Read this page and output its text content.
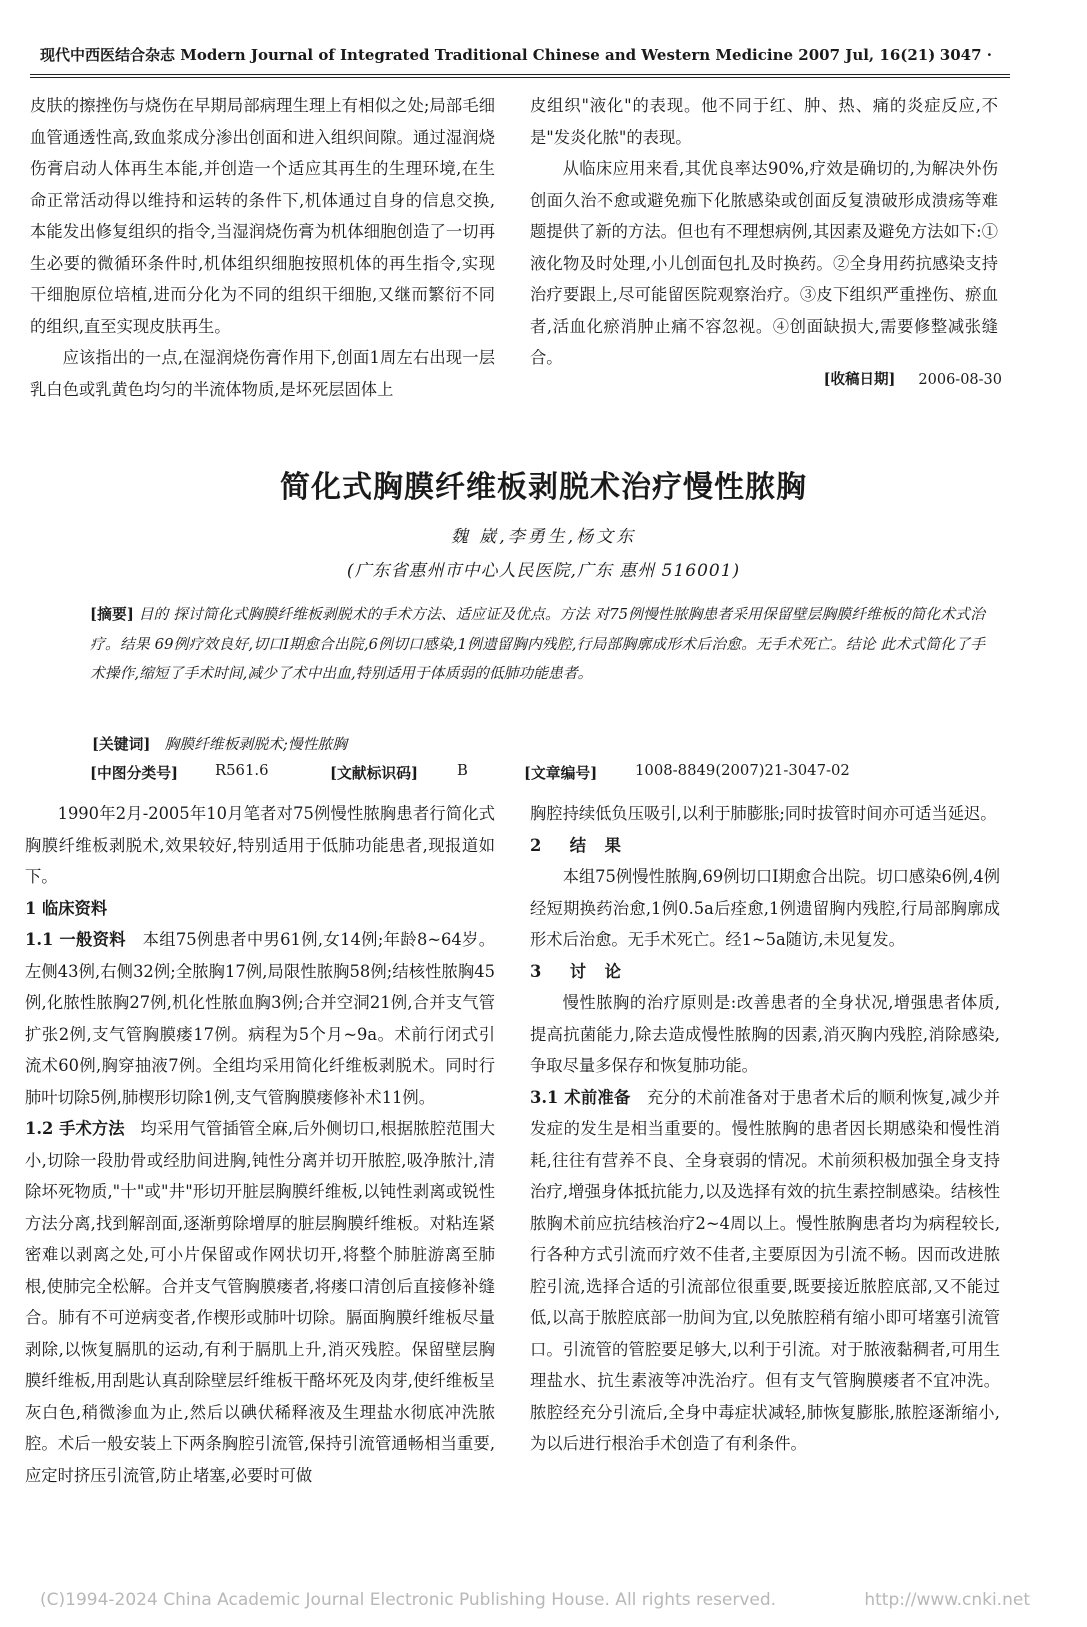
现代中西医结合杂志 Modern Journal of Integrated Traditional Chinese and Western Medicine 2007 Jul, 16(21)
· 3047 ·

皮肤的擦挫伤与烧伤在早期局部病理生理上有相似之处;局部毛细血管通透性高,致血浆成分渗出创面和进入组织间隙。通过湿润烧伤膏启动人体再生本能,并创造一个适应其再生的生理环境,在生命正常活动得以维持和运转的条件下,机体通过自身的信息交换,本能发出修复组织的指令,当湿润烧伤膏为机体细胞创造了一切再生必要的微循环条件时,机体组织细胞按照机体的再生指令,实现干细胞原位培植,进而分化为不同的组织干细胞,又继而繁衍不同的组织,直至实现皮肤再生。

应该指出的一点,在湿润烧伤膏作用下,创面1周左右出现一层乳白色或乳黄色均匀的半流体物质,是坏死层固体上

皮组织"液化"的表现。他不同于红、肿、热、痛的炎症反应,不是"发炎化脓"的表现。

从临床应用来看,其优良率达90%,疗效是确切的,为解决外伤创面久治不愈或避免痂下化脓感染或创面反复溃破形成溃疡等难题提供了新的方法。但也有不理想病例,其因素及避免方法如下:①液化物及时处理,小儿创面包扎及时换药。②全身用药抗感染支持治疗要跟上,尽可能留医院观察治疗。③皮下组织严重挫伤、瘀血者,活血化瘀消肿止痛不容忽视。④创面缺损大,需要修整减张缝合。

[收稿日期] 2006-08-30
简化式胸膜纤维板剥脱术治疗慢性脓胸
魏 崴,李勇生,杨文东
(广东省惠州市中心人民医院,广东 惠州 516001)
[摘要] 目的 探讨简化式胸膜纤维板剥脱术的手术方法、适应证及优点。方法 对75例慢性脓胸患者采用保留壁层胸膜纤维板的简化术式治疗。结果 69例疗效良好,切口Ⅰ期愈合出院,6例切口感染,1例遗留胸内残腔,行局部胸廓成形术后治愈。无手术死亡。结论 此术式简化了手术操作,缩短了手术时间,减少了术中出血,特别适用于体质弱的低肺功能患者。
[关键词] 胸膜纤维板剥脱术;慢性脓胸
[中图分类号]	R561.6	[文献标识码]	B	[文章编号]	1008-8849(2007)21-3047-02

1990年2月-2005年10月笔者对75例慢性脓胸患者行简化式胸膜纤维板剥脱术,效果较好,特别适用于低肺功能患者,现报道如下。

1 临床资料

1.1 一般资料 本组75例患者中男61例,女14例;年龄8~64岁。左侧43例,右侧32例;全脓胸17例,局限性脓胸58例;结核性脓胸45例,化脓性脓胸27例,机化性脓血胸3例;合并空洞21例,合并支气管扩张2例,支气管胸膜瘘17例。病程为5个月~9a。术前行闭式引流术60例,胸穿抽液7例。全组均采用简化纤维板剥脱术。同时行肺叶切除5例,肺楔形切除1例,支气管胸膜瘘修补术11例。

1.2 手术方法 均采用气管插管全麻,后外侧切口,根据脓腔范围大小,切除一段肋骨或经肋间进胸,钝性分离并切开脓腔,吸净脓汁,清除坏死物质,"十"或"井"形切开脏层胸膜纤维板,以钝性剥离或锐性方法分离,找到解剖面,逐渐剪除增厚的脏层胸膜纤维板。对粘连紧密难以剥离之处,可小片保留或作网状切开,将整个肺脏游离至肺根,使肺完全松解。合并支气管胸膜瘘者,将瘘口清创后直接修补缝合。肺有不可逆病变者,作楔形或肺叶切除。膈面胸膜纤维板尽量剥除,以恢复膈肌的运动,有利于膈肌上升,消灭残腔。保留壁层胸膜纤维板,用刮匙认真刮除壁层纤维板干酪坏死及肉芽,使纤维板呈灰白色,稍微渗血为止,然后以碘伏稀释液及生理盐水彻底冲洗脓腔。术后一般安装上下两条胸腔引流管,保持引流管通畅相当重要,应定时挤压引流管,防止堵塞,必要时可做

胸腔持续低负压吸引,以利于肺膨胀;同时拔管时间亦可适当延迟。

2 结 果

本组75例慢性脓胸,69例切口Ⅰ期愈合出院。切口感染6例,4例经短期换药治愈,1例0.5a后痊愈,1例遗留胸内残腔,行局部胸廓成形术后治愈。无手术死亡。经1~5a随访,未见复发。

3 讨 论

慢性脓胸的治疗原则是:改善患者的全身状况,增强患者体质,提高抗菌能力,除去造成慢性脓胸的因素,消灭胸内残腔,消除感染,争取尽量多保存和恢复肺功能。

3.1 术前准备 充分的术前准备对于患者术后的顺利恢复,减少并发症的发生是相当重要的。慢性脓胸的患者因长期感染和慢性消耗,往往有营养不良、全身衰弱的情况。术前须积极加强全身支持治疗,增强身体抵抗能力,以及选择有效的抗生素控制感染。结核性脓胸术前应抗结核治疗2~4周以上。慢性脓胸患者均为病程较长,行各种方式引流而疗效不佳者,主要原因为引流不畅。因而改进脓腔引流,选择合适的引流部位很重要,既要接近脓腔底部,又不能过低,以高于脓腔底部一肋间为宜,以免脓腔稍有缩小即可堵塞引流管口。引流管的管腔要足够大,以利于引流。对于脓液黏稠者,可用生理盐水、抗生素液等冲洗治疗。但有支气管胸膜瘘者不宜冲洗。脓腔经充分引流后,全身中毒症状减轻,肺恢复膨胀,脓腔逐渐缩小,为以后进行根治手术创造了有利条件。

(C)1994-2024 China Academic Journal Electronic Publishing House. All rights reserved.	http://www.cnki.net
